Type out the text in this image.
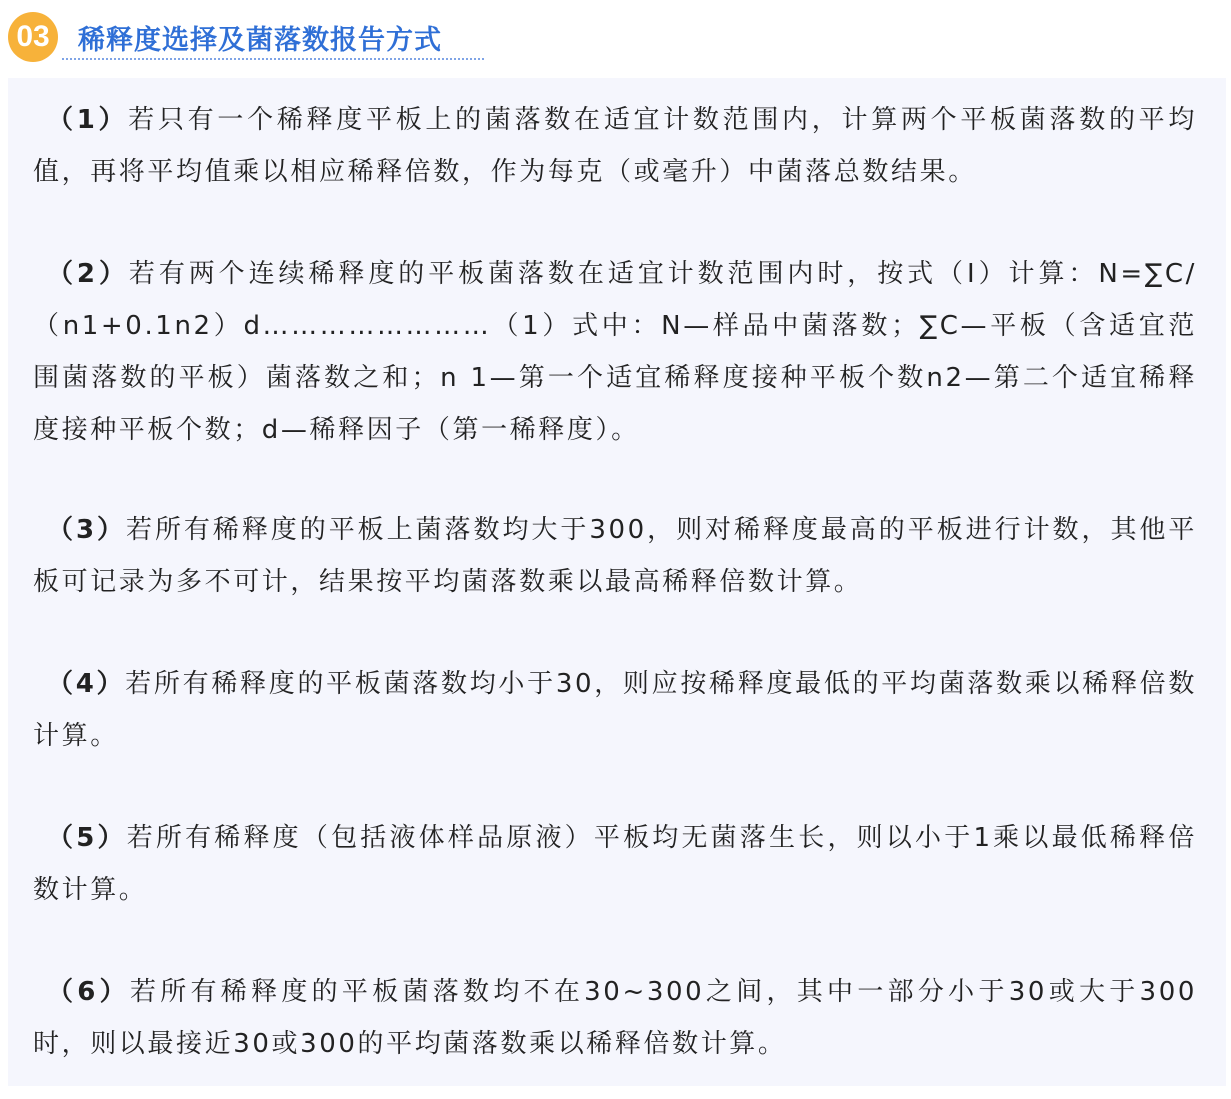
03	稀释度选择及菌落数报告方式

（1）若只有一个稀释度平板上的菌落数在适宜计数范围内，计算两个平板菌落数的平均值，再将平均值乘以相应稀释倍数，作为每克（或毫升）中菌落总数结果。

（2）若有两个连续稀释度的平板菌落数在适宜计数范围内时，按式（I）计算：N=∑C/（n1+0.1n2）d……………………（1）式中：N—样品中菌落数；∑C—平板（含适宜范围菌落数的平板）菌落数之和；n 1—第一个适宜稀释度接种平板个数n2—第二个适宜稀释度接种平板个数；d—稀释因子（第一稀释度）。

（3）若所有稀释度的平板上菌落数均大于300，则对稀释度最高的平板进行计数，其他平板可记录为多不可计，结果按平均菌落数乘以最高稀释倍数计算。

（4）若所有稀释度的平板菌落数均小于30，则应按稀释度最低的平均菌落数乘以稀释倍数计算。

（5）若所有稀释度（包括液体样品原液）平板均无菌落生长，则以小于1乘以最低稀释倍数计算。

（6）若所有稀释度的平板菌落数均不在30~300之间，其中一部分小于30或大于300时，则以最接近30或300的平均菌落数乘以稀释倍数计算。
